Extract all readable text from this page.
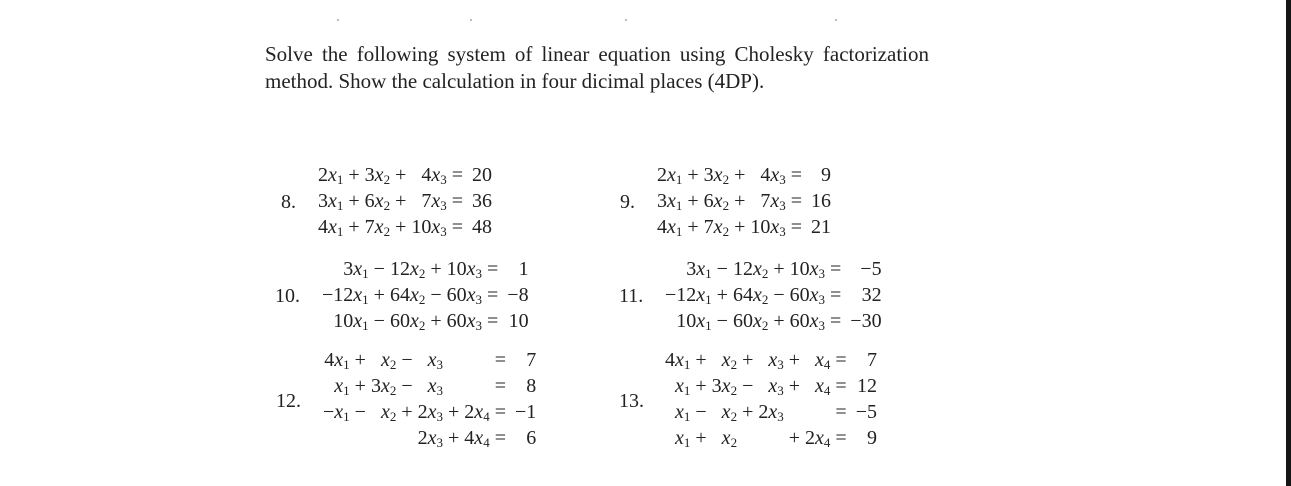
Solve the following system of linear equation using Cholesky factorization method. Show the calculation in four dicimal places (4DP).

8.
$2x_1$	+	$3x_2$	+	$4x_3$	=	20
$3x_1$	+	$6x_2$	+	$7x_3$	=	36
$4x_1$	+	$7x_2$	+	$10x_3$	=	48
9.
$2x_1$	+	$3x_2$	+	$4x_3$	=	9
$3x_1$	+	$6x_2$	+	$7x_3$	=	16
$4x_1$	+	$7x_2$	+	$10x_3$	=	21
10.
$3x_1$	−	$12x_2$	+	$10x_3$	=	1
$-12x_1$	+	$64x_2$	−	$60x_3$	=	−8
$10x_1$	−	$60x_2$	+	$60x_3$	=	10
11.
$3x_1$	−	$12x_2$	+	$10x_3$	=	−5
$-12x_1$	+	$64x_2$	−	$60x_3$	=	32
$10x_1$	−	$60x_2$	+	$60x_3$	=	−30
12.
$4x_1$	+	$x_2$	−	$x_3$			=	7
$x_1$	+	$3x_2$	−	$x_3$			=	8
$-x_1$	−	$x_2$	+	$2x_3$	+	$2x_4$	=	−1
				$2x_3$	+	$4x_4$	=	6
13.
$4x_1$	+	$x_2$	+	$x_3$	+	$x_4$	=	7
$x_1$	+	$3x_2$	−	$x_3$	+	$x_4$	=	12
$x_1$	−	$x_2$	+	$2x_3$			=	−5
$x_1$	+	$x_2$			+	$2x_4$	=	9
